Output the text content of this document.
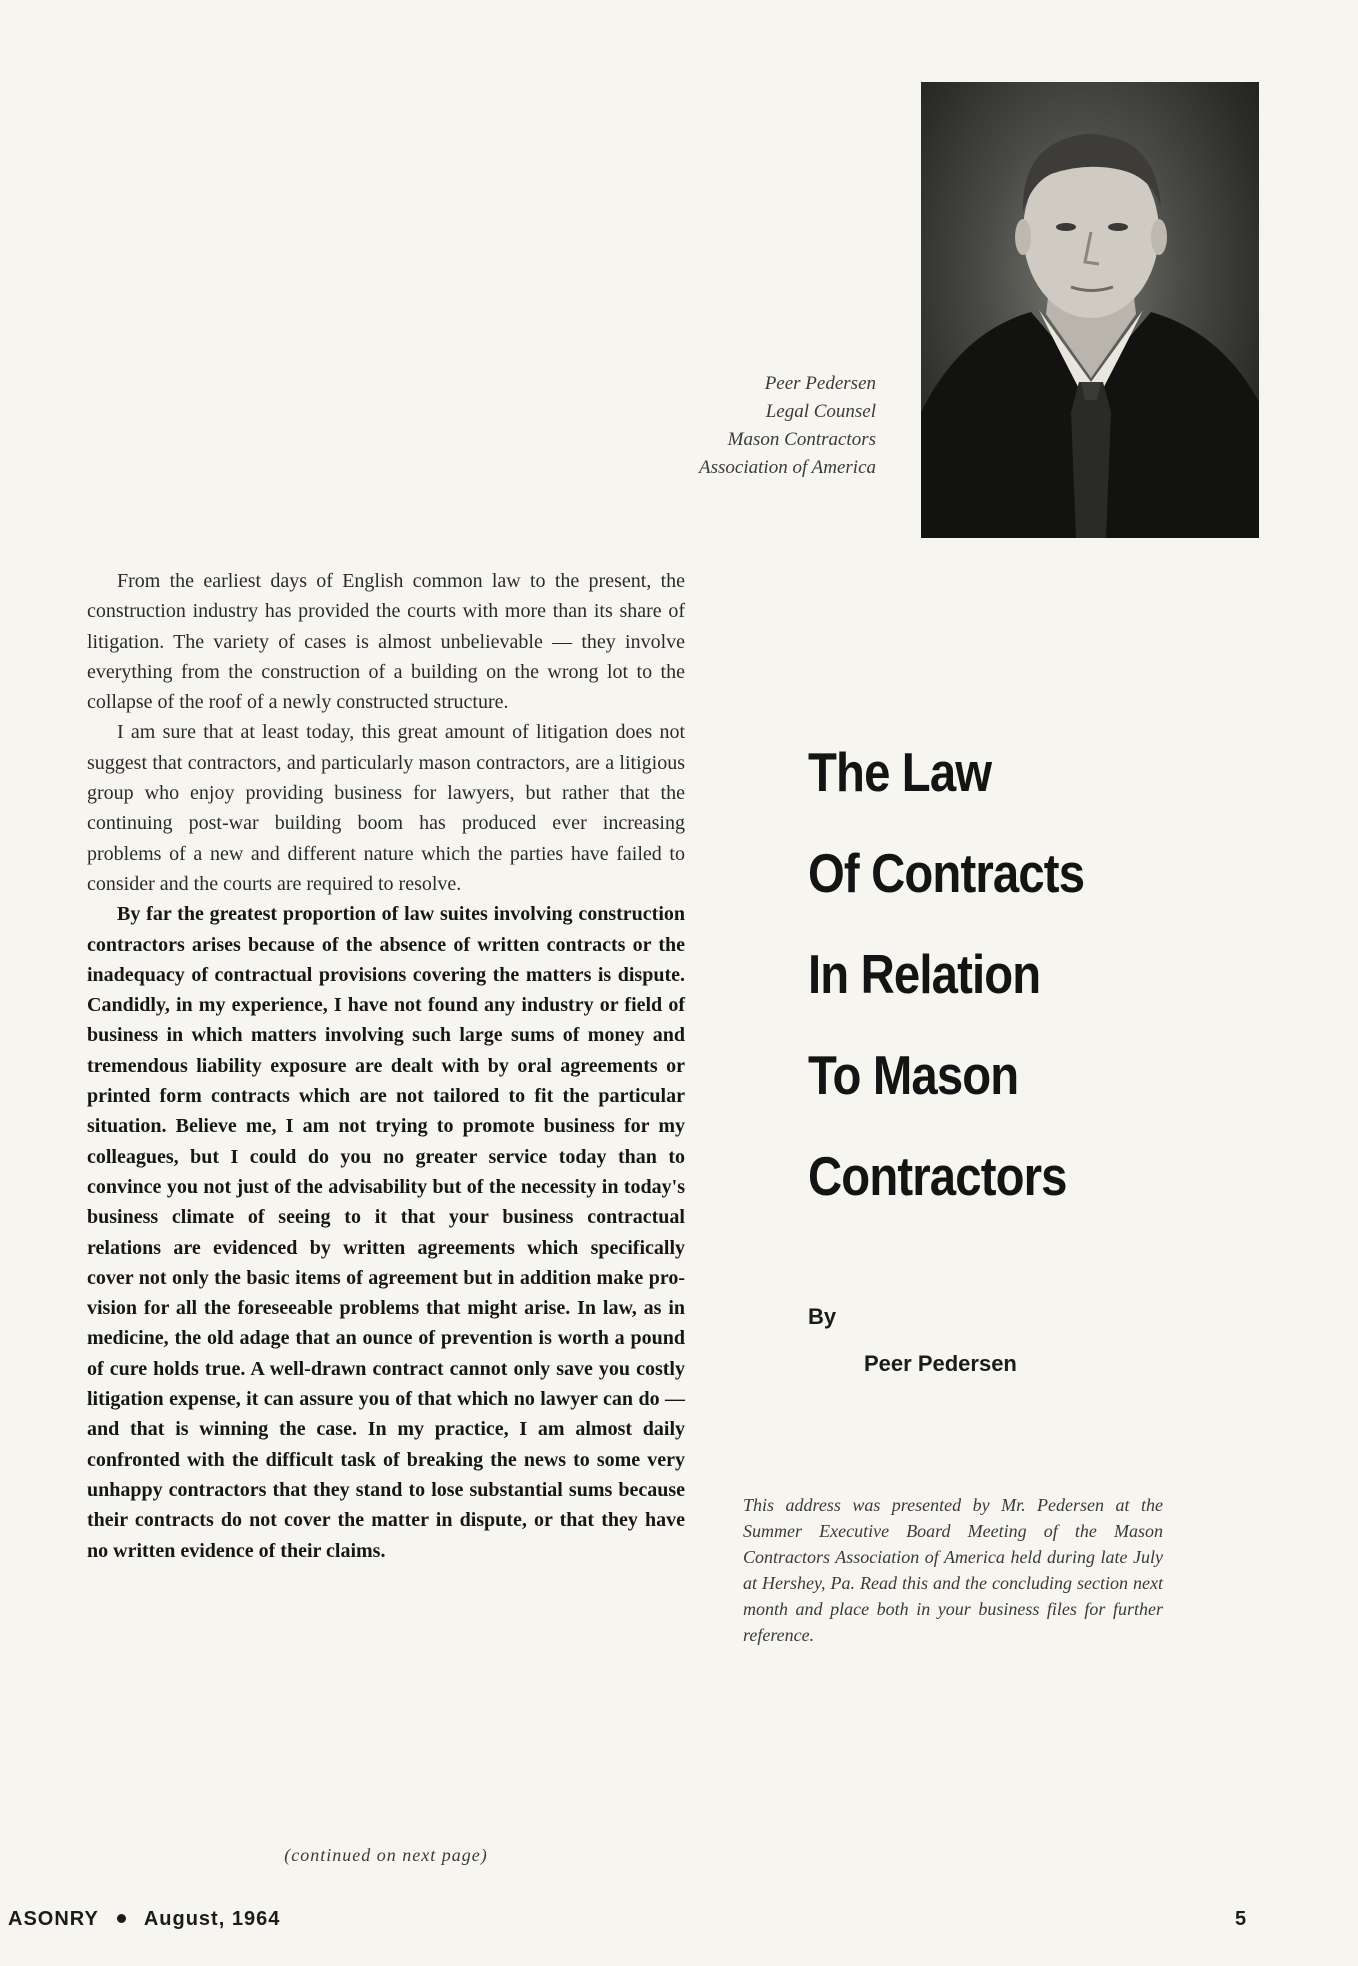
Peer Pedersen
Legal Counsel
Mason Contractors
Association of America

From the earliest days of English common law to the present, the construction industry has provided the courts with more than its share of litigation. The variety of cases is almost unbelievable — they involve everything from the construction of a building on the wrong lot to the collapse of the roof of a newly constructed structure.

I am sure that at least today, this great amount of litigation does not suggest that contractors, and particularly mason contractors, are a litigious group who enjoy providing business for lawyers, but rather that the continuing post-war building boom has produced ever increasing problems of a new and different nature which the parties have failed to consider and the courts are required to resolve.

By far the greatest proportion of law suites involving construction contractors arises because of the absence of written contracts or the inadequacy of contractual provisions covering the matters is dispute. Candidly, in my experience, I have not found any industry or field of business in which matters involving such large sums of money and tremendous liability exposure are dealt with by oral agreements or printed form contracts which are not tailored to fit the particular situation. Believe me, I am not trying to promote business for my colleagues, but I could do you no greater service today than to convince you not just of the advisability but of the necessity in today's business climate of seeing to it that your business contractual relations are evidenced by written agreements which specifically cover not only the basic items of agreement but in addition make provision for all the foreseeable problems that might arise. In law, as in medicine, the old adage that an ounce of prevention is worth a pound of cure holds true. A well-drawn contract cannot only save you costly litigation expense, it can assure you of that which no lawyer can do — and that is winning the case. In my practice, I am almost daily confronted with the difficult task of breaking the news to some very unhappy contractors that they stand to lose substantial sums because their contracts do not cover the matter in dispute, or that they have no written evidence of their claims.

(continued on next page)
The Law
Of Contracts
In Relation
To Mason
Contractors
By
Peer Pedersen
This address was presented by Mr. Pedersen at the Summer Executive Board Meeting of the Mason Contractors Association of America held during late July at Hershey, Pa. Read this and the concluding section next month and place both in your business files for further reference.
ASONRY August, 1964	5
